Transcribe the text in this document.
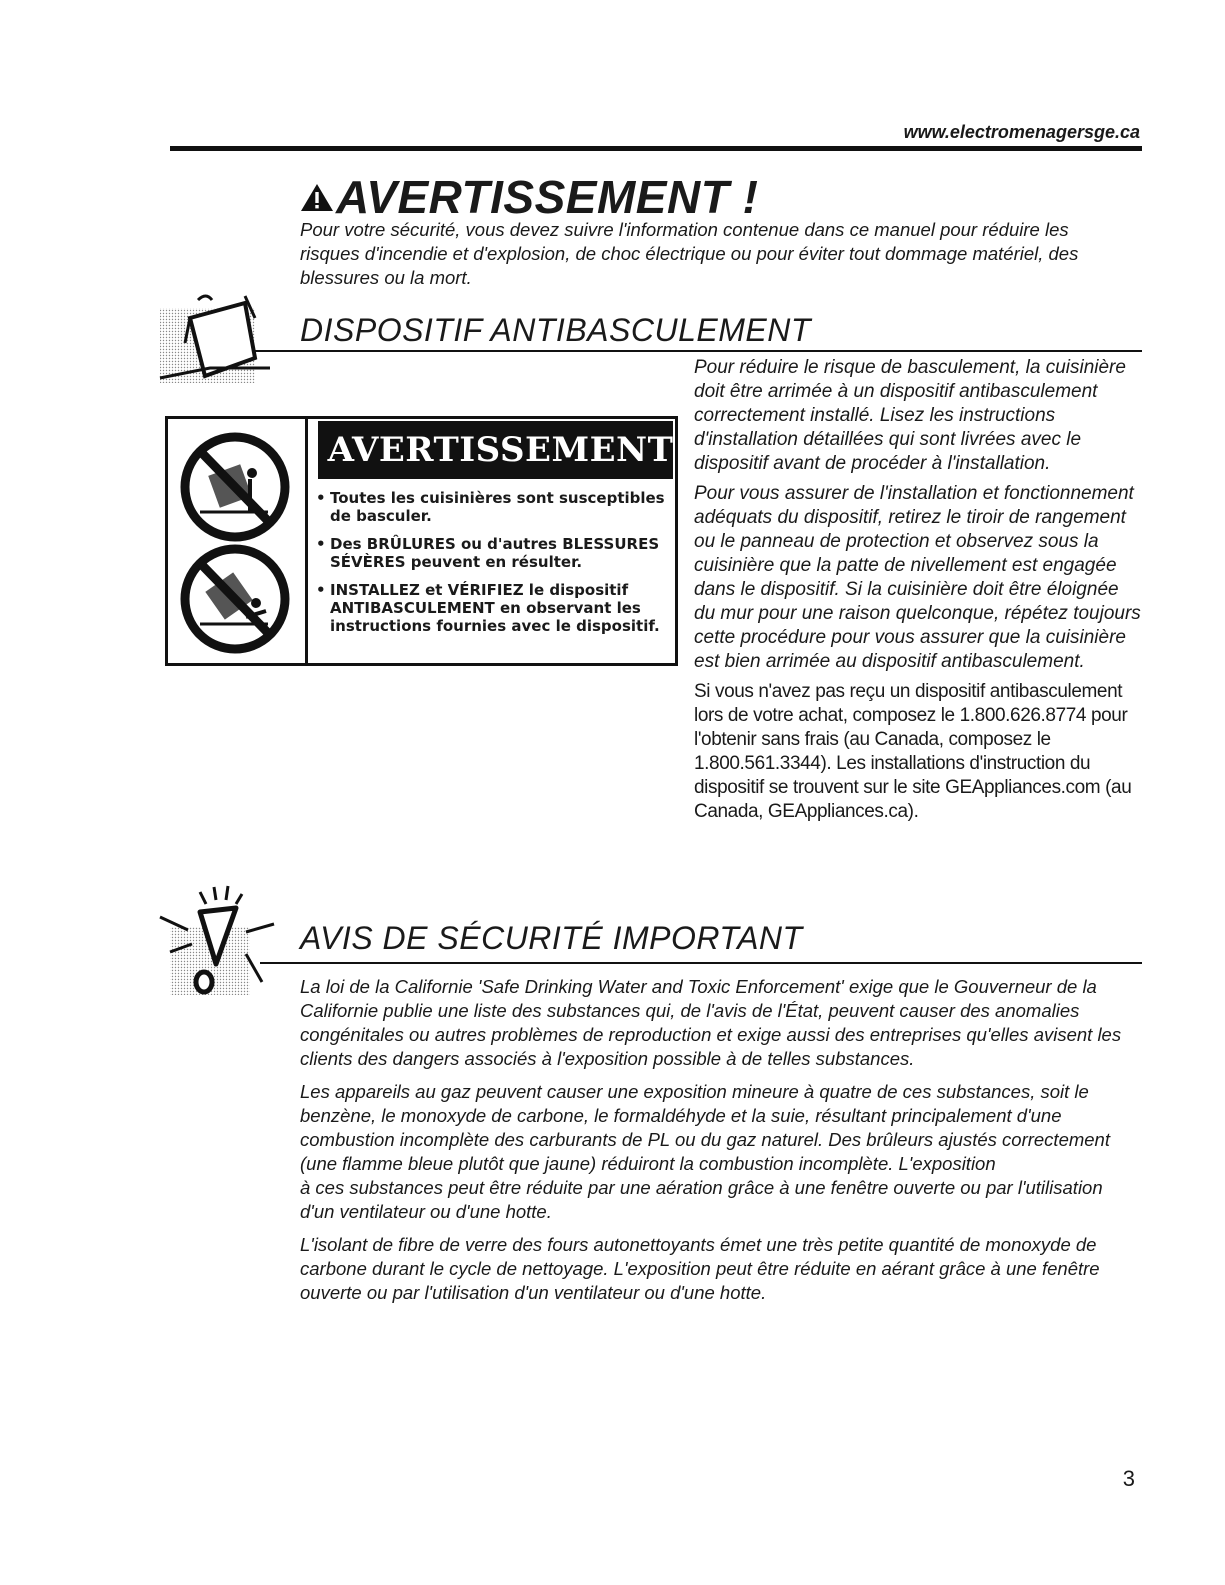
www.electromenagersge.ca
AVERTISSEMENT !
Pour votre sécurité, vous devez suivre l'information contenue dans ce manuel pour réduire les risques d'incendie et d'explosion, de choc électrique ou pour éviter tout dommage matériel, des blessures ou la mort.
DISPOSITIF ANTIBASCULEMENT
AVERTISSEMENT
• Toutes les cuisinières sont susceptibles de basculer.
• Des BRÛLURES ou d'autres BLESSURES SÉVÈRES peuvent en résulter.
• INSTALLEZ et VÉRIFIEZ le dispositif ANTIBASCULEMENT en observant les instructions fournies avec le dispositif.

Pour réduire le risque de basculement, la cuisinière doit être arrimée à un dispositif antibasculement correctement installé. Lisez les instructions d'installation détaillées qui sont livrées avec le dispositif avant de procéder à l'installation.

Pour vous assurer de l'installation et fonctionnement adéquats du dispositif, retirez le tiroir de rangement ou le panneau de protection et observez sous la cuisinière que la patte de nivellement est engagée dans le dispositif. Si la cuisinière doit être éloignée du mur pour une raison quelconque, répétez toujours cette procédure pour vous assurer que la cuisinière est bien arrimée au dispositif antibasculement.

Si vous n'avez pas reçu un dispositif antibasculement lors de votre achat, composez le 1.800.626.8774 pour l'obtenir sans frais (au Canada, composez le 1.800.561.3344). Les installations d'instruction du dispositif se trouvent sur le site GEAppliances.com (au Canada, GEAppliances.ca).

AVIS DE SÉCURITÉ IMPORTANT

La loi de la Californie 'Safe Drinking Water and Toxic Enforcement' exige que le Gouverneur de la Californie publie une liste des substances qui, de l'avis de l'État, peuvent causer des anomalies congénitales ou autres problèmes de reproduction et exige aussi des entreprises qu'elles avisent les clients des dangers associés à l'exposition possible à de telles substances.

Les appareils au gaz peuvent causer une exposition mineure à quatre de ces substances, soit le benzène, le monoxyde de carbone, le formaldéhyde et la suie, résultant principalement d'une combustion incomplète des carburants de PL ou du gaz naturel. Des brûleurs ajustés correctement (une flamme bleue plutôt que jaune) réduiront la combustion incomplète. L'exposition

à ces substances peut être réduite par une aération grâce à une fenêtre ouverte ou par l'utilisation d'un ventilateur ou d'une hotte.

L'isolant de fibre de verre des fours autonettoyants émet une très petite quantité de monoxyde de carbone durant le cycle de nettoyage. L'exposition peut être réduite en aérant grâce à une fenêtre ouverte ou par l'utilisation d'un ventilateur ou d'une hotte.

3
